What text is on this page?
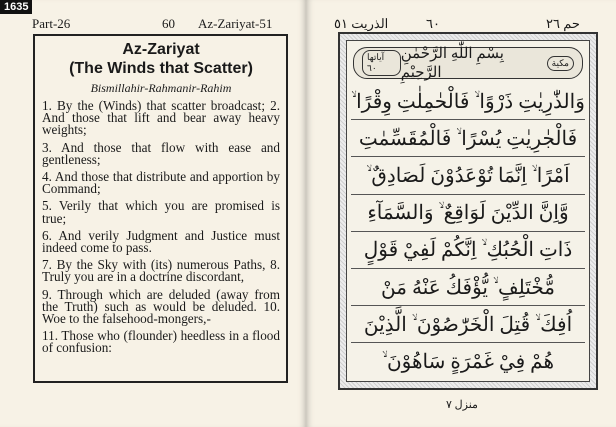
1635
Part-26	60 Az-Zariyat-51
Az-Zariyat
(The Winds that Scatter)
Bismillahir-Rahmanir-Rahim

1. By the (Winds) that scatter broadcast; 2. And those that lift and bear away heavy weights;

3. And those that flow with ease and gentleness;

4. And those that distribute and apportion by Command;

5. Verily that which you are promised is true;

6. And verily Judgment and Justice must indeed come to pass.

7. By the Sky with (its) numerous Paths, 8. Truly you are in a doctrine discordant,

9. Through which are deluded (away from the Truth) such as would be deluded. 10. Woe to the falsehood-mongers,-

11. Those who (flounder) heedless in a flood of confusion:

الذريت ٥١	٦٠	حم ٢٦
آياتها ٦٠
بِسْمِ اللّٰهِ الرَّحْمٰنِ الرَّحِيْمِ
مكية
وَالذّٰرِيٰتِ ذَرْوًا ۙ فَالْحٰمِلٰتِ وِقْرًا ۙ
فَالْجٰرِيٰتِ يُسْرًا ۙ فَالْمُقَسِّمٰتِ
اَمْرًا ۙ اِنَّمَا تُوْعَدُوْنَ لَصَادِقٌ ۙ
وَّاِنَّ الدِّيْنَ لَوَاقِعٌ ۙ وَالسَّمَآءِ
ذَاتِ الْحُبُكِ ۙ اِنَّكُمْ لَفِيْ قَوْلٍ
مُّخْتَلِفٍ ۙ يُّؤْفَكُ عَنْهُ مَنْ
اُفِكَ ۙ قُتِلَ الْخَرّٰصُوْنَ ۙ الَّذِيْنَ
هُمْ فِيْ غَمْرَةٍ سَاهُوْنَ ۙ
منزل ٧
